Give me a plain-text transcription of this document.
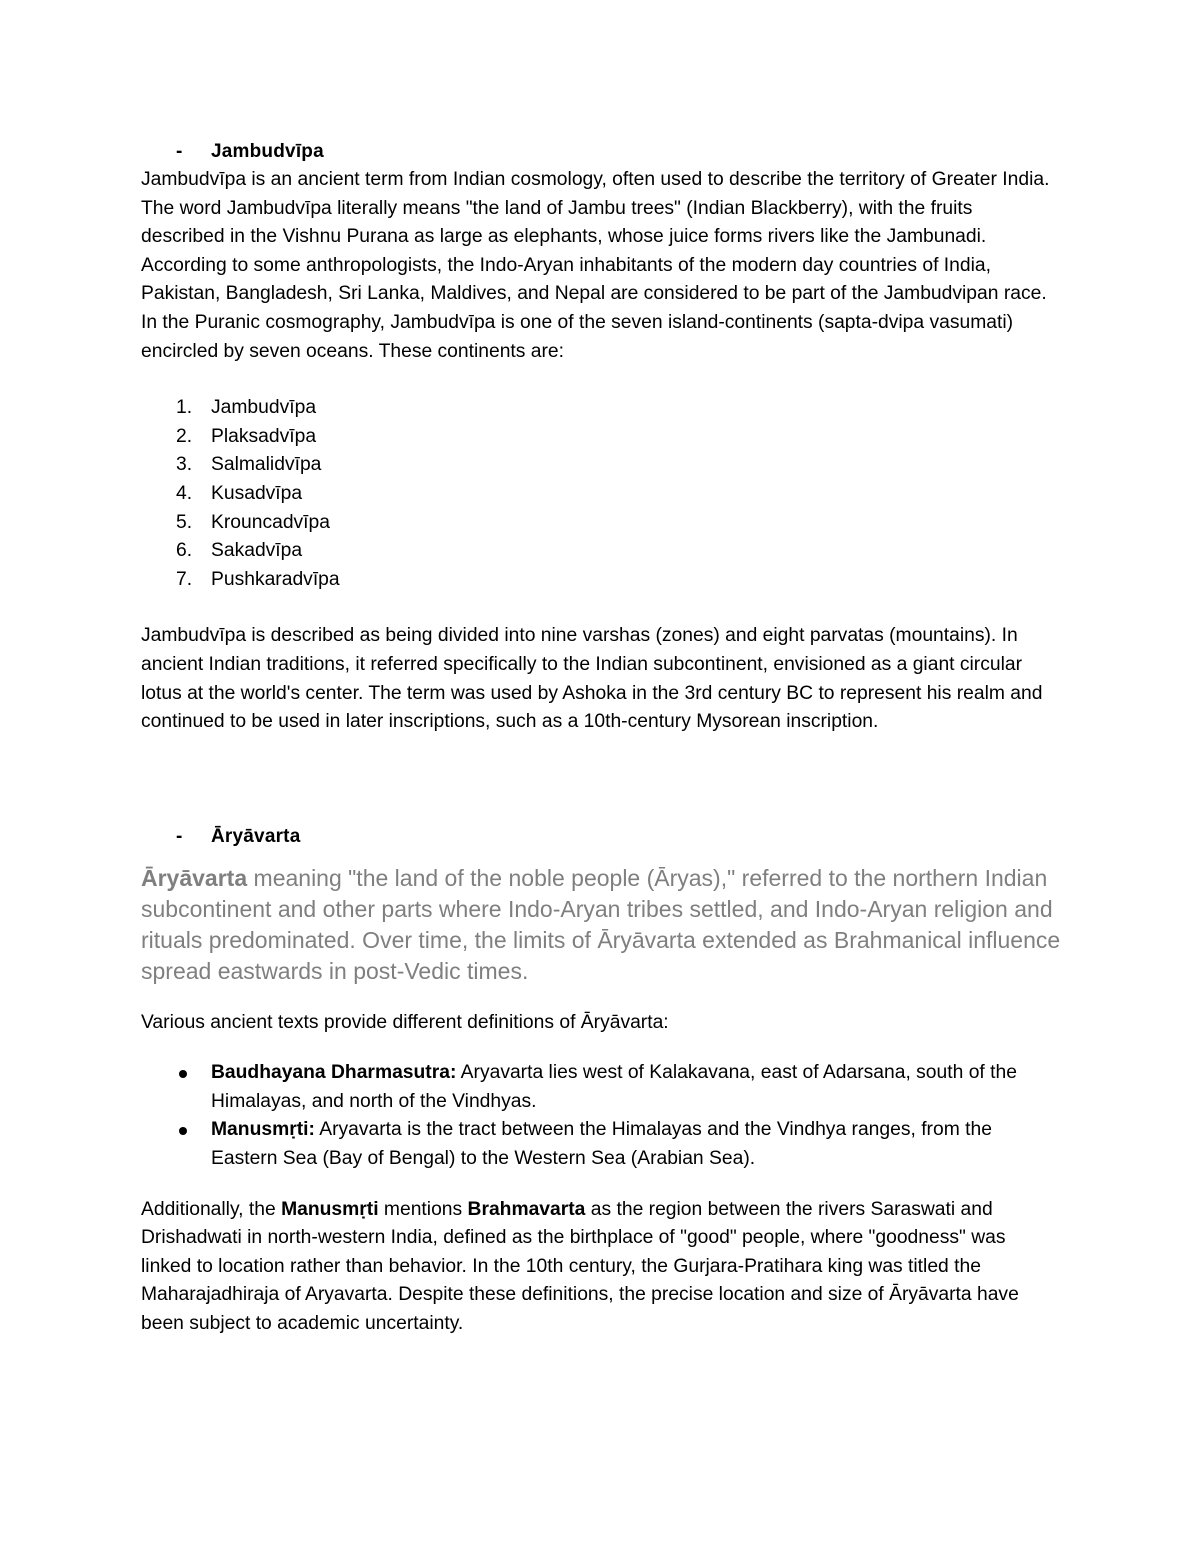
- Jambudvīpa

Jambudvīpa is an ancient term from Indian cosmology, often used to describe the territory of Greater India. The word Jambudvīpa literally means "the land of Jambu trees" (Indian Blackberry), with the fruits described in the Vishnu Purana as large as elephants, whose juice forms rivers like the Jambunadi. According to some anthropologists, the Indo-Aryan inhabitants of the modern day countries of India, Pakistan, Bangladesh, Sri Lanka, Maldives, and Nepal are considered to be part of the Jambudvipan race.

In the Puranic cosmography, Jambudvīpa is one of the seven island-continents (sapta-dvipa vasumati) encircled by seven oceans. These continents are:

1. Jambudvīpa
2. Plaksadvīpa
3. Salmalidvīpa
4. Kusadvīpa
5. Krouncadvīpa
6. Sakadvīpa
7. Pushkaradvīpa

Jambudvīpa is described as being divided into nine varshas (zones) and eight parvatas (mountains). In ancient Indian traditions, it referred specifically to the Indian subcontinent, envisioned as a giant circular lotus at the world's center. The term was used by Ashoka in the 3rd century BC to represent his realm and continued to be used in later inscriptions, such as a 10th-century Mysorean inscription.

- Āryāvarta

Āryāvarta meaning "the land of the noble people (Āryas)," referred to the northern Indian subcontinent and other parts where Indo-Aryan tribes settled, and Indo-Aryan religion and rituals predominated. Over time, the limits of Āryāvarta extended as Brahmanical influence spread eastwards in post-Vedic times.

Various ancient texts provide different definitions of Āryāvarta:

Baudhayana Dharmasutra: Aryavarta lies west of Kalakavana, east of Adarsana, south of the Himalayas, and north of the Vindhyas.
Manusmṛti: Aryavarta is the tract between the Himalayas and the Vindhya ranges, from the Eastern Sea (Bay of Bengal) to the Western Sea (Arabian Sea).

Additionally, the Manusmṛti mentions Brahmavarta as the region between the rivers Saraswati and Drishadwati in north-western India, defined as the birthplace of "good" people, where "goodness" was linked to location rather than behavior. In the 10th century, the Gurjara-Pratihara king was titled the Maharajadhiraja of Aryavarta. Despite these definitions, the precise location and size of Āryāvarta have been subject to academic uncertainty.
